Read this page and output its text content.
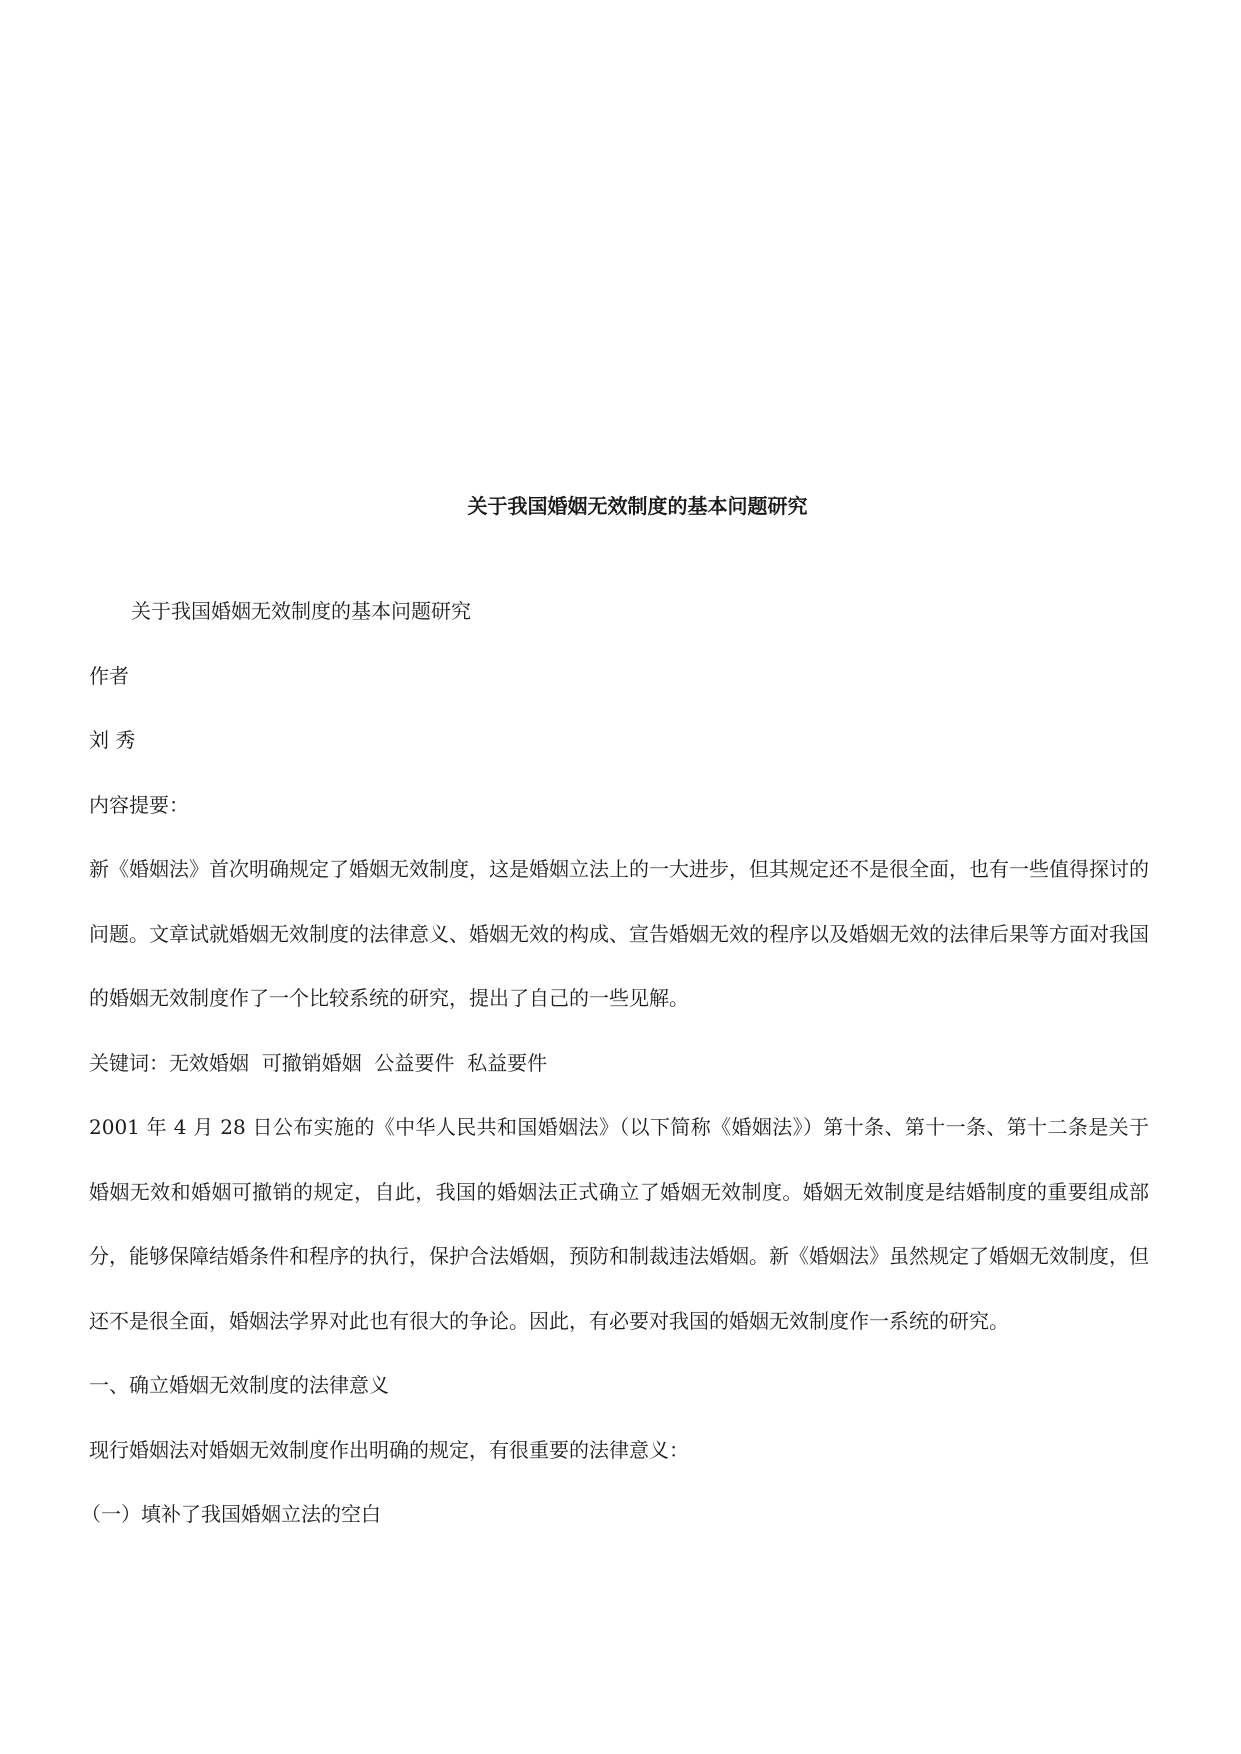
关于我国婚姻无效制度的基本问题研究

关于我国婚姻无效制度的基本问题研究

作者

刘 秀

内容提要：

新《婚姻法》首次明确规定了婚姻无效制度，这是婚姻立法上的一大进步，但其规定还不是很全面，也有一些值得探讨的问题。文章试就婚姻无效制度的法律意义、婚姻无效的构成、宣告婚姻无效的程序以及婚姻无效的法律后果等方面对我国的婚姻无效制度作了一个比较系统的研究，提出了自己的一些见解。

关键词：无效婚姻  可撤销婚姻  公益要件  私益要件

2001 年 4 月 28 日公布实施的《中华人民共和国婚姻法》（以下简称《婚姻法》）第十条、第十一条、第十二条是关于婚姻无效和婚姻可撤销的规定，自此，我国的婚姻法正式确立了婚姻无效制度。婚姻无效制度是结婚制度的重要组成部分，能够保障结婚条件和程序的执行，保护合法婚姻，预防和制裁违法婚姻。新《婚姻法》虽然规定了婚姻无效制度，但还不是很全面，婚姻法学界对此也有很大的争论。因此，有必要对我国的婚姻无效制度作一系统的研究。

一、确立婚姻无效制度的法律意义

现行婚姻法对婚姻无效制度作出明确的规定，有很重要的法律意义：

（一）填补了我国婚姻立法的空白
